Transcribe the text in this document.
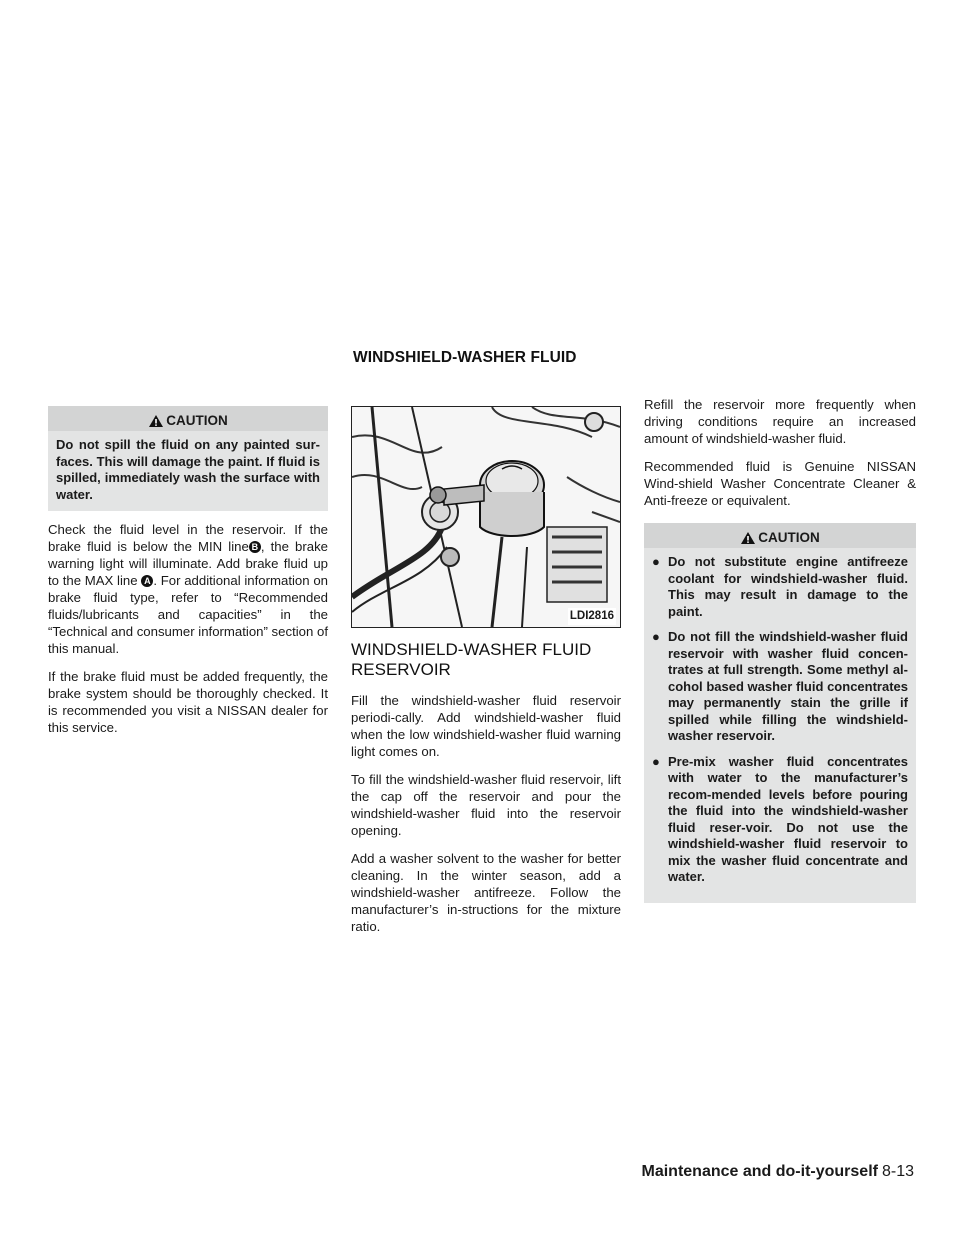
WINDSHIELD-WASHER FLUID
CAUTION
Do not spill the fluid on any painted sur-faces. This will damage the paint. If fluid is spilled, immediately wash the surface with water.

Check the fluid level in the reservoir. If the brake fluid is below the MIN line B , the brake warning light will illuminate. Add brake fluid up to the MAX line A . For additional information on brake fluid type, refer to “Recommended fluids/lubricants and capacities” in the “Technical and consumer information” section of this manual.

If the brake fluid must be added frequently, the brake system should be thoroughly checked. It is recommended you visit a NISSAN dealer for this service.

LDI2816
WINDSHIELD-WASHER FLUID RESERVOIR

Fill the windshield-washer fluid reservoir periodi-cally. Add windshield-washer fluid when the low windshield-washer fluid warning light comes on.

To fill the windshield-washer fluid reservoir, lift the cap off the reservoir and pour the windshield-washer fluid into the reservoir opening.

Add a washer solvent to the washer for better cleaning. In the winter season, add a windshield-washer antifreeze. Follow the manufacturer’s in-structions for the mixture ratio.

Refill the reservoir more frequently when driving conditions require an increased amount of windshield-washer fluid.

Recommended fluid is Genuine NISSAN Wind-shield Washer Concentrate Cleaner & Anti-freeze or equivalent.

CAUTION
● Do not substitute engine antifreeze coolant for windshield-washer fluid. This may result in damage to the paint.
● Do not fill the windshield-washer fluid reservoir with washer fluid concen-trates at full strength. Some methyl al-cohol based washer fluid concentrates may permanently stain the grille if spilled while filling the windshield-washer reservoir.
● Pre-mix washer fluid concentrates with water to the manufacturer’s recom-mended levels before pouring the fluid into the windshield-washer fluid reser-voir. Do not use the windshield-washer fluid reservoir to mix the washer fluid concentrate and water.
Maintenance and do-it-yourself 8-13
